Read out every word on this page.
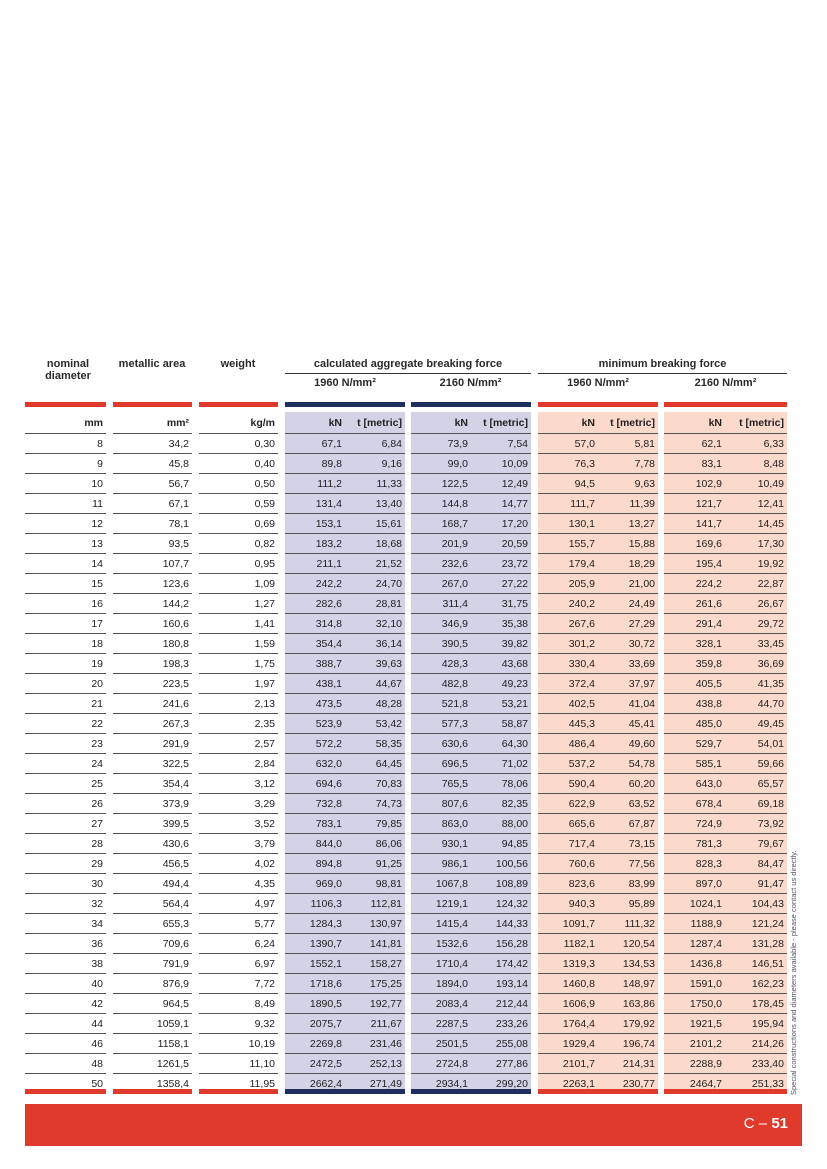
nominal
diameter
metallic area	weight	calculated aggregate breaking force	minimum breaking force
1960 N/mm²	2160 N/mm²	1960 N/mm²	2160 N/mm²
mm		mm²		kg/m		kN	t [metric]		kN	t [metric]		kN	t [metric]		kN	t [metric]
8		34,2		0,30		67,1	6,84		73,9	7,54		57,0	5,81		62,1	6,33
9		45,8		0,40		89,8	9,16		99,0	10,09		76,3	7,78		83,1	8,48
10		56,7		0,50		111,2	11,33		122,5	12,49		94,5	9,63		102,9	10,49
11		67,1		0,59		131,4	13,40		144,8	14,77		111,7	11,39		121,7	12,41
12		78,1		0,69		153,1	15,61		168,7	17,20		130,1	13,27		141,7	14,45
13		93,5		0,82		183,2	18,68		201,9	20,59		155,7	15,88		169,6	17,30
14		107,7		0,95		211,1	21,52		232,6	23,72		179,4	18,29		195,4	19,92
15		123,6		1,09		242,2	24,70		267,0	27,22		205,9	21,00		224,2	22,87
16		144,2		1,27		282,6	28,81		311,4	31,75		240,2	24,49		261,6	26,67
17		160,6		1,41		314,8	32,10		346,9	35,38		267,6	27,29		291,4	29,72
18		180,8		1,59		354,4	36,14		390,5	39,82		301,2	30,72		328,1	33,45
19		198,3		1,75		388,7	39,63		428,3	43,68		330,4	33,69		359,8	36,69
20		223,5		1,97		438,1	44,67		482,8	49,23		372,4	37,97		405,5	41,35
21		241,6		2,13		473,5	48,28		521,8	53,21		402,5	41,04		438,8	44,70
22		267,3		2,35		523,9	53,42		577,3	58,87		445,3	45,41		485,0	49,45
23		291,9		2,57		572,2	58,35		630,6	64,30		486,4	49,60		529,7	54,01
24		322,5		2,84		632,0	64,45		696,5	71,02		537,2	54,78		585,1	59,66
25		354,4		3,12		694,6	70,83		765,5	78,06		590,4	60,20		643,0	65,57
26		373,9		3,29		732,8	74,73		807,6	82,35		622,9	63,52		678,4	69,18
27		399,5		3,52		783,1	79,85		863,0	88,00		665,6	67,87		724,9	73,92
28		430,6		3,79		844,0	86,06		930,1	94,85		717,4	73,15		781,3	79,67
29		456,5		4,02		894,8	91,25		986,1	100,56		760,6	77,56		828,3	84,47
30		494,4		4,35		969,0	98,81		1067,8	108,89		823,6	83,99		897,0	91,47
32		564,4		4,97		1106,3	112,81		1219,1	124,32		940,3	95,89		1024,1	104,43
34		655,3		5,77		1284,3	130,97		1415,4	144,33		1091,7	111,32		1188,9	121,24
36		709,6		6,24		1390,7	141,81		1532,6	156,28		1182,1	120,54		1287,4	131,28
38		791,9		6,97		1552,1	158,27		1710,4	174,42		1319,3	134,53		1436,8	146,51
40		876,9		7,72		1718,6	175,25		1894,0	193,14		1460,8	148,97		1591,0	162,23
42		964,5		8,49		1890,5	192,77		2083,4	212,44		1606,9	163,86		1750,0	178,45
44		1059,1		9,32		2075,7	211,67		2287,5	233,26		1764,4	179,92		1921,5	195,94
46		1158,1		10,19		2269,8	231,46		2501,5	255,08		1929,4	196,74		2101,2	214,26
48		1261,5		11,10		2472,5	252,13		2724,8	277,86		2101,7	214,31		2288,9	233,40
50		1358,4		11,95		2662,4	271,49		2934,1	299,20		2263,1	230,77		2464,7	251,33 Special constructions and diameters available - please contact us directly.
C – 51
